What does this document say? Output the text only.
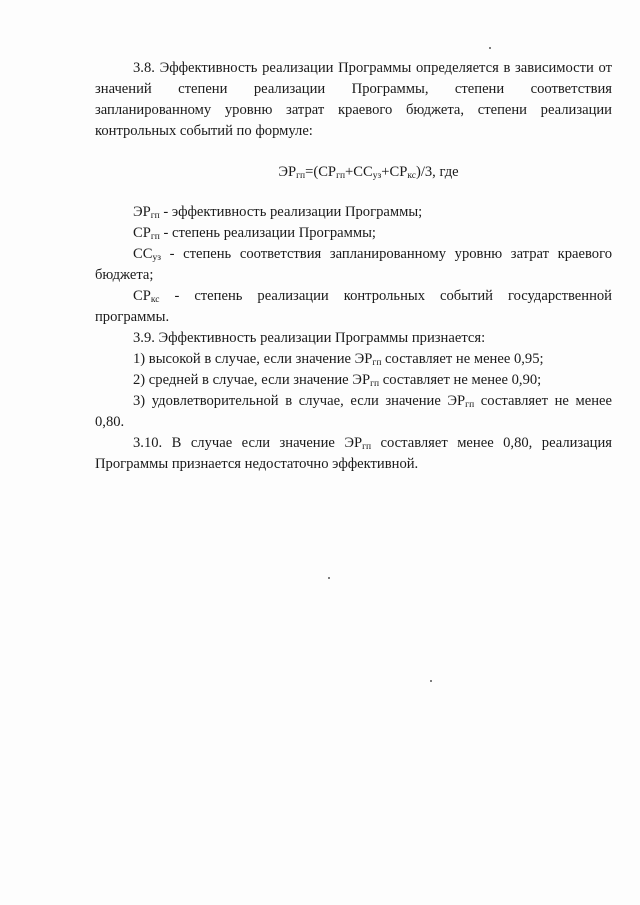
3.8. Эффективность реализации Программы определяется в зависимости от значений степени реализации Программы, степени соответствия запланированному уровню затрат краевого бюджета, степени реализации контрольных событий по формуле:

$ЭР_{гп}=(СР_{гп}+СС_{уз}+СР_{кс})/3$, где

$ЭР_{гп}$ - эффективность реализации Программы;

$СР_{гп}$ - степень реализации Программы;

$СС_{уз}$ - степень соответствия запланированному уровню затрат краевого бюджета;

$СР_{кс}$ - степень реализации контрольных событий государственной программы.

3.9. Эффективность реализации Программы признается:

1) высокой в случае, если значение $ЭР_{гп}$ составляет не менее 0,95;

2) средней в случае, если значение $ЭР_{гп}$ составляет не менее 0,90;

3) удовлетворительной в случае, если значение $ЭР_{гп}$ составляет не менее 0,80.

3.10. В случае если значение $ЭР_{гп}$ составляет менее 0,80, реализация Программы признается недостаточно эффективной.
